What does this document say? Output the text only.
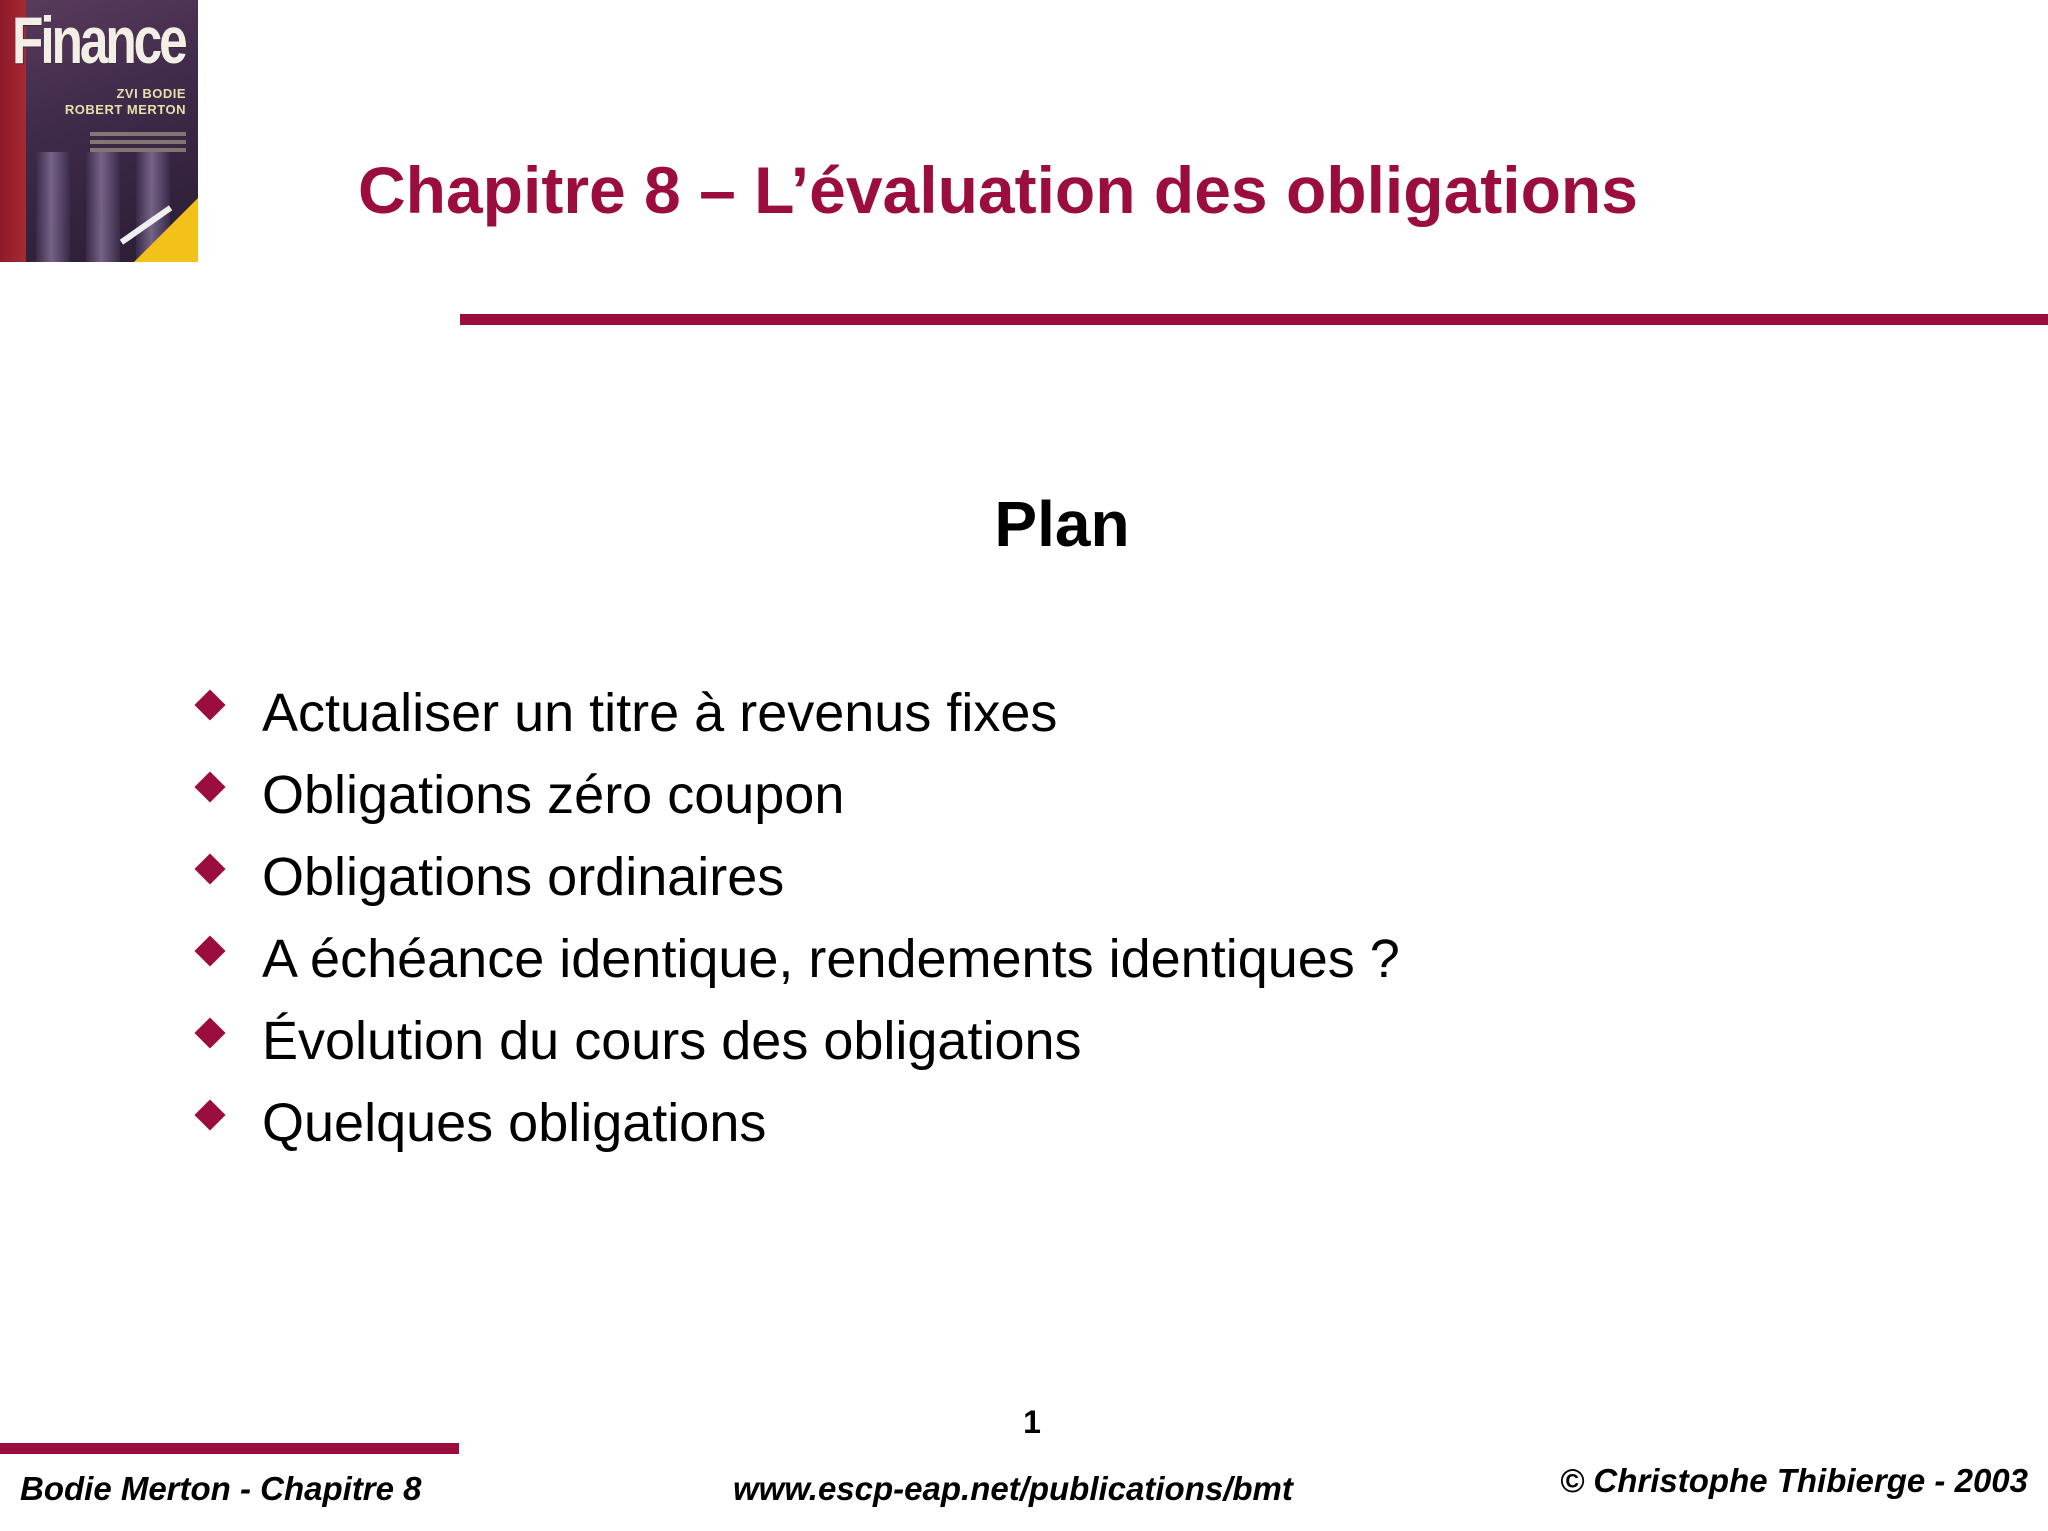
Finance
ZVI BODIE
ROBERT MERTON
Chapitre 8 – L’évaluation des obligations
Plan
Actualiser un titre à revenus fixes
Obligations zéro coupon
Obligations ordinaires
A échéance identique, rendements identiques ?
Évolution du cours des obligations
Quelques obligations
1
Bodie Merton - Chapitre 8	www.escp-eap.net/publications/bmt	© Christophe Thibierge - 2003
